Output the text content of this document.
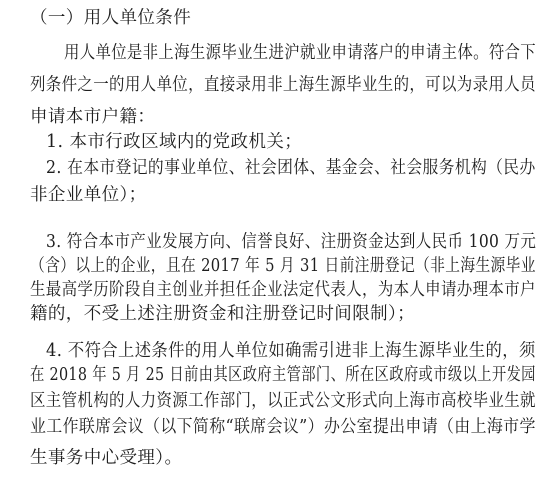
（一）用人单位条件
用人单位是非上海生源毕业生进沪就业申请落户的申请主体。符合下
列条件之一的用人单位，直接录用非上海生源毕业生的，可以为录用人员
申请本市户籍：
1. 本市行政区域内的党政机关；
2. 在本市登记的事业单位、社会团体、基金会、社会服务机构（民办
非企业单位）；
3. 符合本市产业发展方向、信誉良好、注册资金达到人民币 100 万元
（含）以上的企业，且在 2017 年 5 月 31 日前注册登记（非上海生源毕业
生最高学历阶段自主创业并担任企业法定代表人，为本人申请办理本市户
籍的，不受上述注册资金和注册登记时间限制）；
4. 不符合上述条件的用人单位如确需引进非上海生源毕业生的，须
在 2018 年 5 月 25 日前由其区政府主管部门、所在区政府或市级以上开发园
区主管机构的人力资源工作部门，以正式公文形式向上海市高校毕业生就
业工作联席会议（以下简称“联席会议”）办公室提出申请（由上海市学
生事务中心受理）。
